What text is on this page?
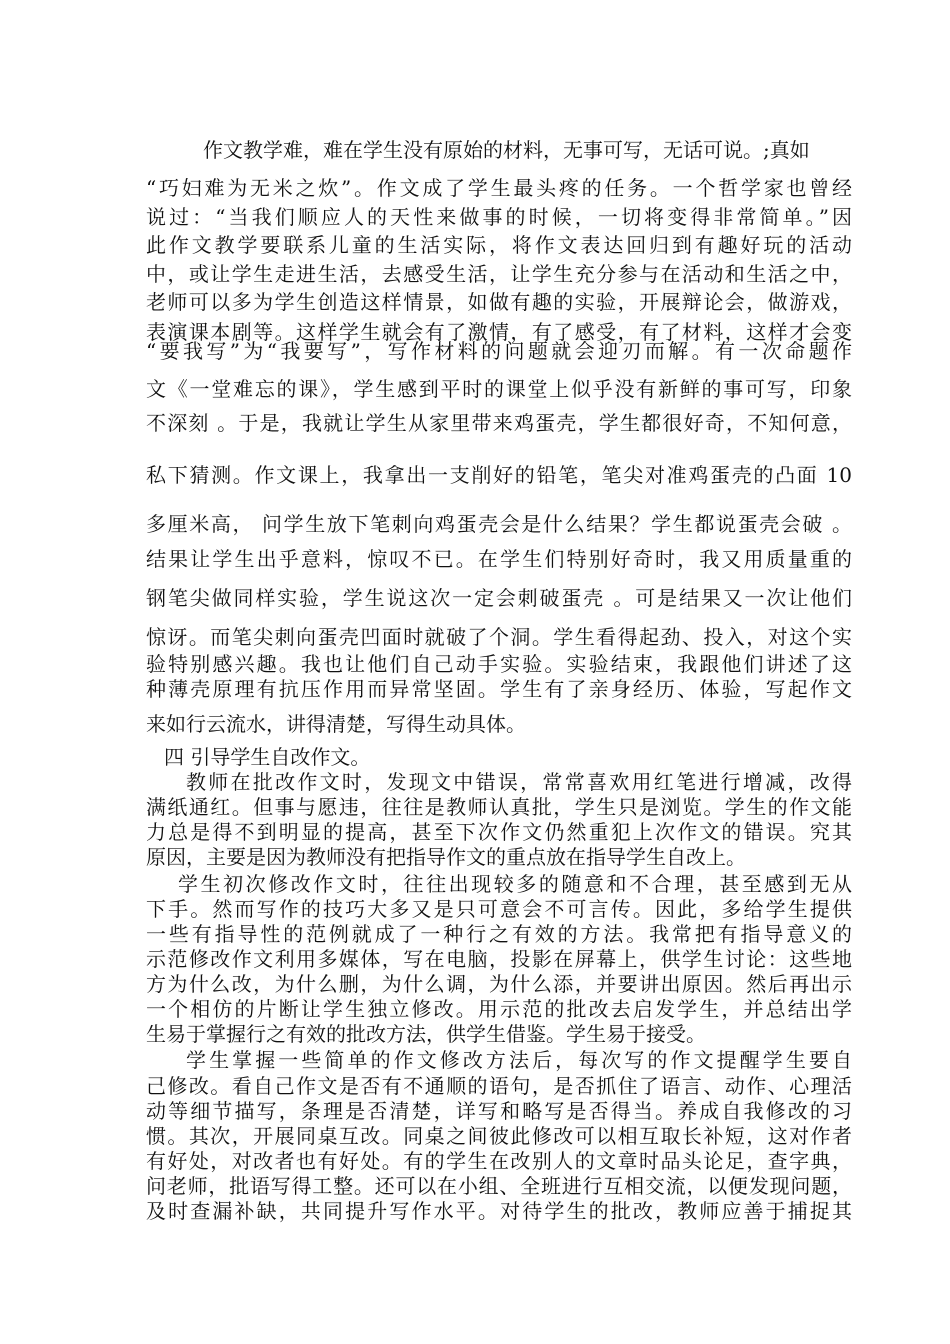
作文教学难，难在学生没有原始的材料，无事可写，无话可说。;真如
“巧妇难为无米之炊”。作文成了学生最头疼的任务。一个哲学家也曾经
说过：“当我们顺应人的天性来做事的时候，一切将变得非常简单。”因
此作文教学要联系儿童的生活实际，将作文表达回归到有趣好玩的活动
中，或让学生走进生活，去感受生活，让学生充分参与在活动和生活之中，
老师可以多为学生创造这样情景，如做有趣的实验，开展辩论会，做游戏，
表演课本剧等。这样学生就会有了激情，有了感受，有了材料，这样才会变
“要我写”为“我要写”，写作材料的问题就会迎刃而解。有一次命题作
文《一堂难忘的课》，学生感到平时的课堂上似乎没有新鲜的事可写，印象
不深刻 。于是，我就让学生从家里带来鸡蛋壳，学生都很好奇，不知何意，
私下猜测。作文课上，我拿出一支削好的铅笔，笔尖对准鸡蛋壳的凸面 10
多厘米高， 问学生放下笔刺向鸡蛋壳会是什么结果？学生都说蛋壳会破 。
结果让学生出乎意料，惊叹不已。在学生们特别好奇时，我又用质量重的
钢笔尖做同样实验，学生说这次一定会刺破蛋壳 。可是结果又一次让他们
惊讶。而笔尖刺向蛋壳凹面时就破了个洞。学生看得起劲、投入，对这个实
验特别感兴趣。我也让他们自己动手实验。实验结束，我跟他们讲述了这
种薄壳原理有抗压作用而异常坚固。学生有了亲身经历、体验，写起作文
来如行云流水，讲得清楚，写得生动具体。
四 引导学生自改作文。
教师在批改作文时，发现文中错误，常常喜欢用红笔进行增减，改得
满纸通红。但事与愿违，往往是教师认真批，学生只是浏览。学生的作文能
力总是得不到明显的提高，甚至下次作文仍然重犯上次作文的错误。究其
原因，主要是因为教师没有把指导作文的重点放在指导学生自改上。
学生初次修改作文时，往往出现较多的随意和不合理，甚至感到无从
下手。然而写作的技巧大多又是只可意会不可言传。因此，多给学生提供
一些有指导性的范例就成了一种行之有效的方法。我常把有指导意义的
示范修改作文利用多媒体，写在电脑，投影在屏幕上，供学生讨论：这些地
方为什么改，为什么删，为什么调，为什么添，并要讲出原因。然后再出示
一个相仿的片断让学生独立修改。用示范的批改去启发学生，并总结出学
生易于掌握行之有效的批改方法，供学生借鉴。学生易于接受。
学生掌握一些简单的作文修改方法后，每次写的作文提醒学生要自
己修改。看自己作文是否有不通顺的语句，是否抓住了语言、动作、心理活
动等细节描写，条理是否清楚，详写和略写是否得当。养成自我修改的习
惯。其次，开展同桌互改。同桌之间彼此修改可以相互取长补短，这对作者
有好处，对改者也有好处。有的学生在改别人的文章时品头论足，查字典，
问老师，批语写得工整。还可以在小组、全班进行互相交流，以便发现问题，
及时查漏补缺，共同提升写作水平。对待学生的批改，教师应善于捕捉其
